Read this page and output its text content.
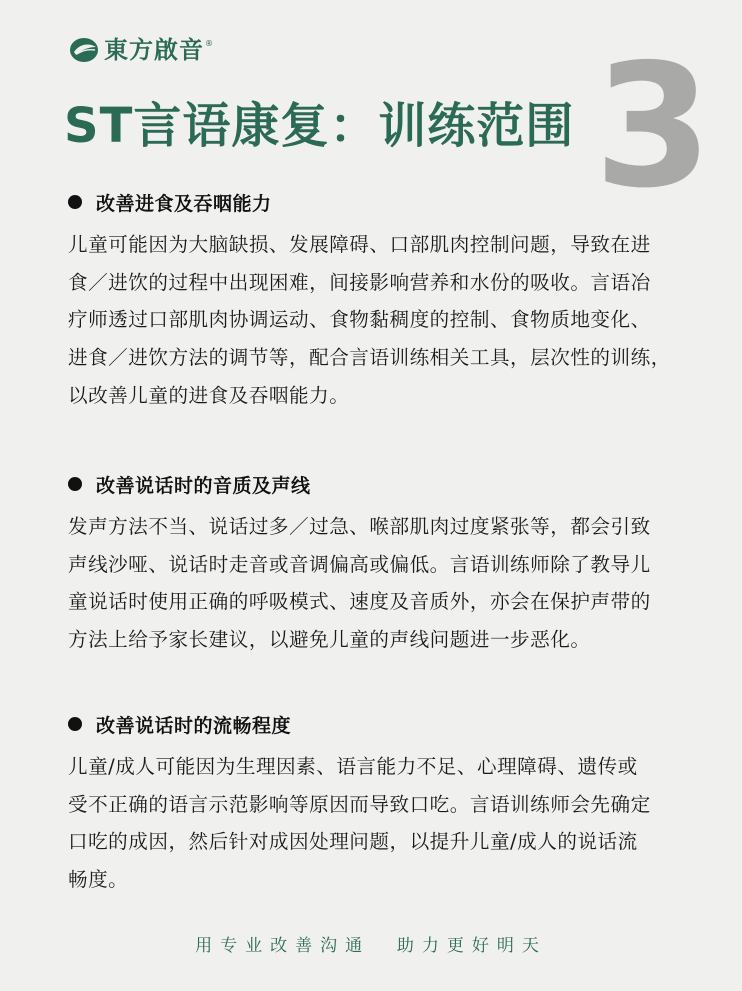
東方啟音 ® 3
ST言语康复：训练范围
改善进食及吞咽能力

儿童可能因为大脑缺损、发展障碍、口部肌肉控制问题，导致在进
食／进饮的过程中出现困难，间接影响营养和水份的吸收。言语冶
疗师透过口部肌肉协调运动、食物黏稠度的控制、食物质地变化、
进食／进饮方法的调节等，配合言语训练相关工具，层次性的训练，
以改善儿童的进食及吞咽能力。

改善说话时的音质及声线

发声方法不当、说话过多／过急、喉部肌肉过度紧张等，都会引致
声线沙哑、说话时走音或音调偏高或偏低。言语训练师除了教导儿
童说话时使用正确的呼吸模式、速度及音质外，亦会在保护声带的
方法上给予家长建议，以避免儿童的声线问题进一步恶化。

改善说话时的流畅程度

儿童/成人可能因为生理因素、语言能力不足、心理障碍、遗传或
受不正确的语言示范影响等原因而导致口吃。言语训练师会先确定
口吃的成因，然后针对成因处理问题，以提升儿童/成人的说话流
畅度。

用专业改善沟通  助力更好明天
